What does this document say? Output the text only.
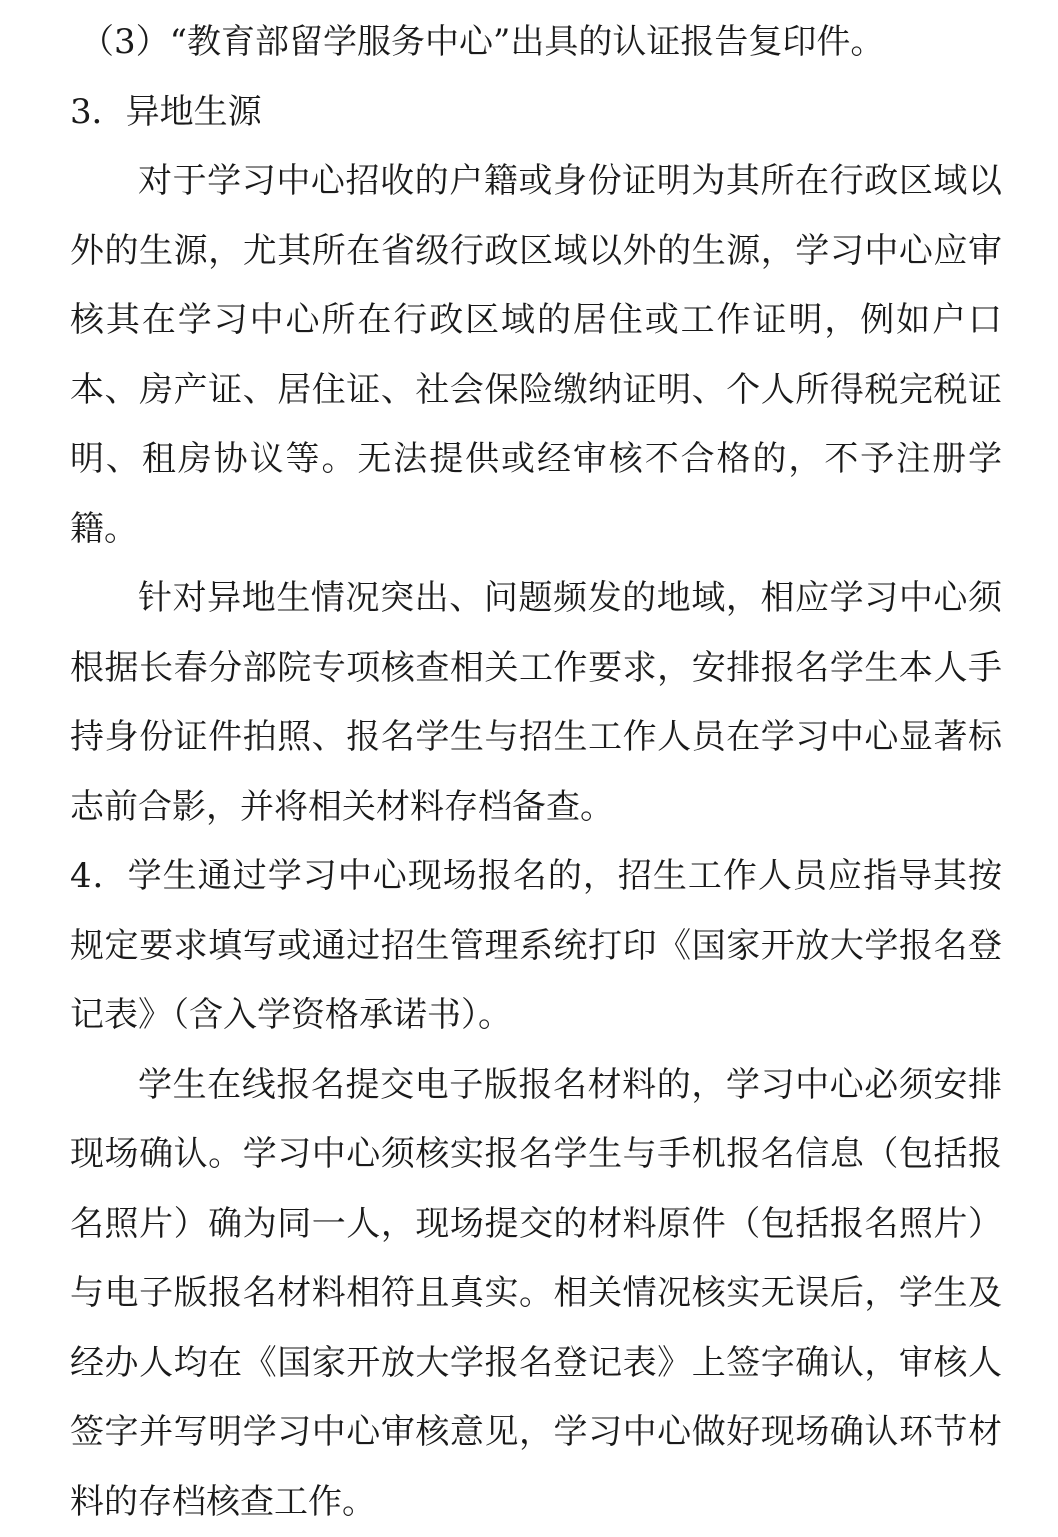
（3）“教育部留学服务中心”出具的认证报告复印件。

3．异地生源

对于学习中心招收的户籍或身份证明为其所在行政区域以外的生源，尤其所在省级行政区域以外的生源，学习中心应审核其在学习中心所在行政区域的居住或工作证明，例如户口本、房产证、居住证、社会保险缴纳证明、个人所得税完税证明、租房协议等。无法提供或经审核不合格的，不予注册学籍。

针对异地生情况突出、问题频发的地域，相应学习中心须根据长春分部院专项核查相关工作要求，安排报名学生本人手持身份证件拍照、报名学生与招生工作人员在学习中心显著标志前合影，并将相关材料存档备查。

4．学生通过学习中心现场报名的，招生工作人员应指导其按规定要求填写或通过招生管理系统打印《国家开放大学报名登记表》（含入学资格承诺书）。

学生在线报名提交电子版报名材料的，学习中心必须安排现场确认。学习中心须核实报名学生与手机报名信息（包括报名照片）确为同一人，现场提交的材料原件（包括报名照片）与电子版报名材料相符且真实。相关情况核实无误后，学生及经办人均在《国家开放大学报名登记表》上签字确认，审核人签字并写明学习中心审核意见，学习中心做好现场确认环节材料的存档核查工作。
